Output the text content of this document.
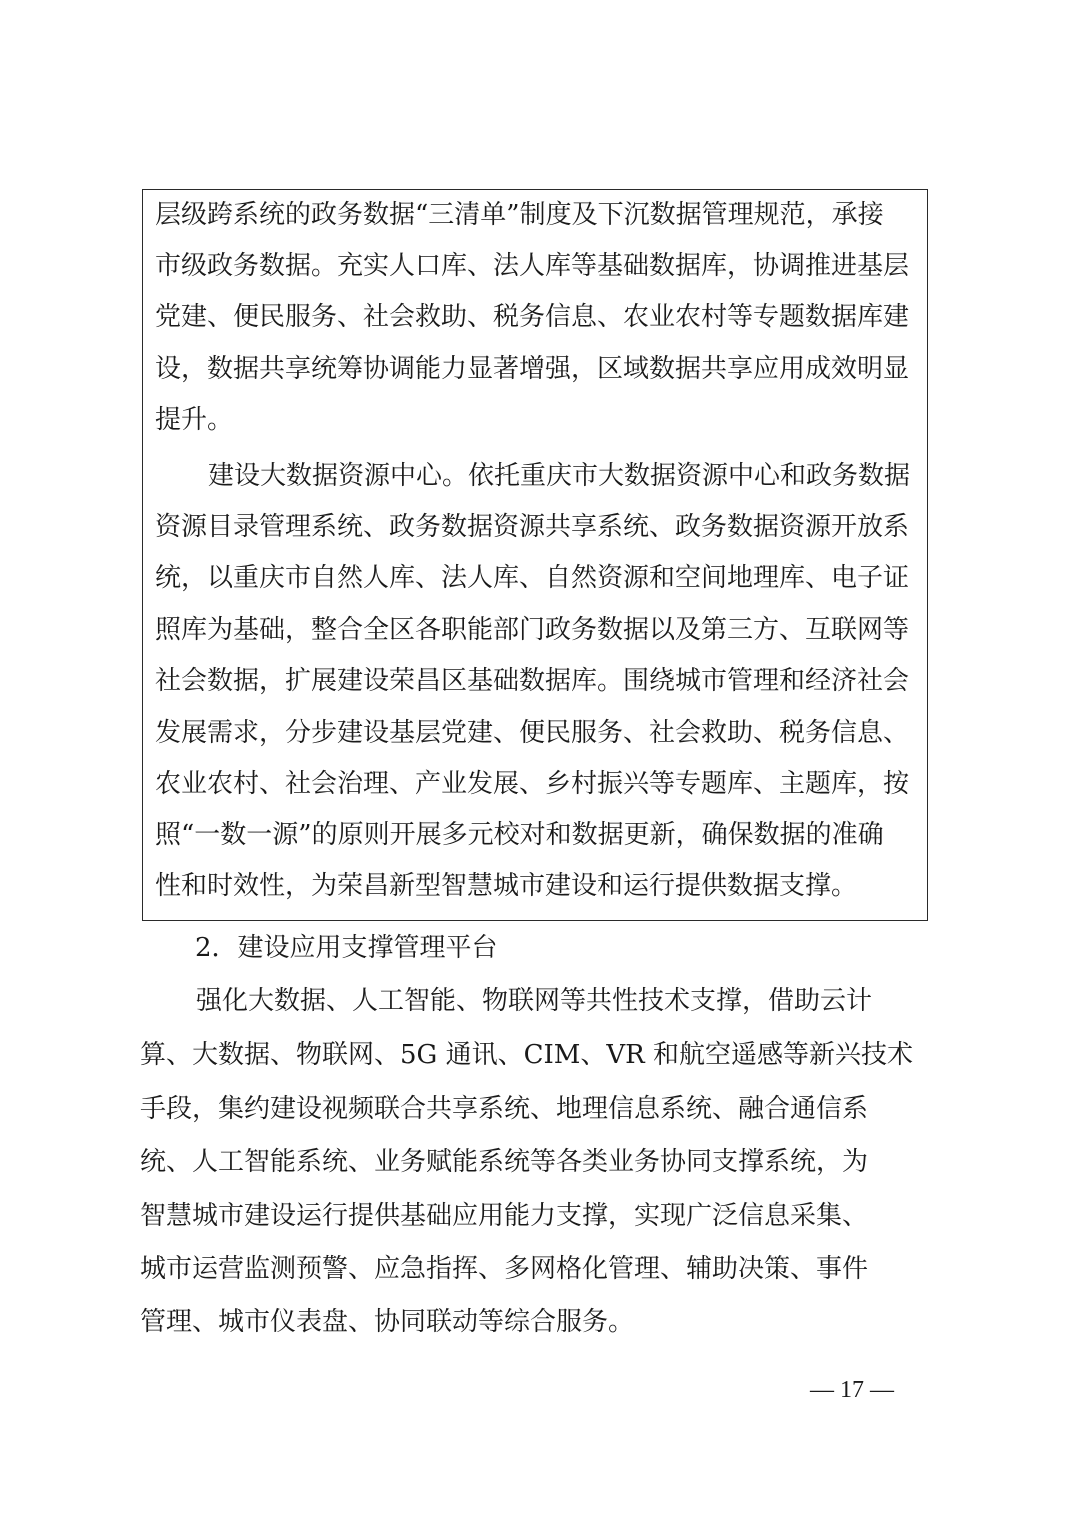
层级跨系统的政务数据“三清单”制度及下沉数据管理规范，承接
市级政务数据。充实人口库、法人库等基础数据库，协调推进基层
党建、便民服务、社会救助、税务信息、农业农村等专题数据库建
设，数据共享统筹协调能力显著增强，区域数据共享应用成效明显
提升。
建设大数据资源中心。依托重庆市大数据资源中心和政务数据
资源目录管理系统、政务数据资源共享系统、政务数据资源开放系
统，以重庆市自然人库、法人库、自然资源和空间地理库、电子证
照库为基础，整合全区各职能部门政务数据以及第三方、互联网等
社会数据，扩展建设荣昌区基础数据库。围绕城市管理和经济社会
发展需求，分步建设基层党建、便民服务、社会救助、税务信息、
农业农村、社会治理、产业发展、乡村振兴等专题库、主题库，按
照“一数一源”的原则开展多元校对和数据更新，确保数据的准确
性和时效性，为荣昌新型智慧城市建设和运行提供数据支撑。
2．建设应用支撑管理平台
强化大数据、人工智能、物联网等共性技术支撑，借助云计
算、大数据、物联网、5G 通讯、CIM、VR 和航空遥感等新兴技术
手段，集约建设视频联合共享系统、地理信息系统、融合通信系
统、人工智能系统、业务赋能系统等各类业务协同支撑系统，为
智慧城市建设运行提供基础应用能力支撑，实现广泛信息采集、
城市运营监测预警、应急指挥、多网格化管理、辅助决策、事件
管理、城市仪表盘、协同联动等综合服务。
— 17 —
